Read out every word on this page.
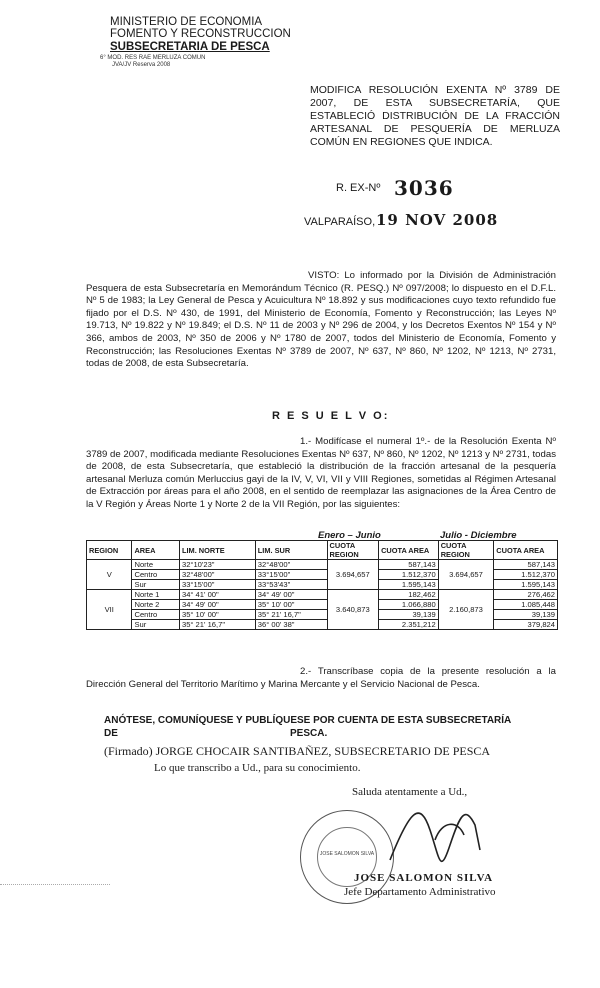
MINISTERIO DE ECONOMIA
FOMENTO Y RECONSTRUCCION
SUBSECRETARIA DE PESCA
6° MOD. RES RAE MERLUZA COMUN
JVA/JV Reserva 2008
MODIFICA RESOLUCIÓN EXENTA Nº 3789 DE 2007, DE ESTA SUBSECRETARÍA, QUE ESTABLECIÓ DISTRIBUCIÓN DE LA FRACCIÓN ARTESANAL DE PESQUERÍA DE MERLUZA COMÚN EN REGIONES QUE INDICA.
R. EX-Nº 3036
VALPARAÍSO, 19 NOV 2008
VISTO: Lo informado por la División de Administración Pesquera de esta Subsecretaría en Memorándum Técnico (R. PESQ.) Nº 097/2008; lo dispuesto en el D.F.L. Nº 5 de 1983; la Ley General de Pesca y Acuicultura Nº 18.892 y sus modificaciones cuyo texto refundido fue fijado por el D.S. Nº 430, de 1991, del Ministerio de Economía, Fomento y Reconstrucción; las Leyes Nº 19.713, Nº 19.822 y Nº 19.849; el D.S. Nº 11 de 2003 y Nº 296 de 2004, y los Decretos Exentos Nº 154 y Nº 366, ambos de 2003, Nº 350 de 2006 y Nº 1780 de 2007, todos del Ministerio de Economía, Fomento y Reconstrucción; las Resoluciones Exentas Nº 3789 de 2007, Nº 637, Nº 860, Nº 1202, Nº 1213, Nº 2731, todas de 2008, de esta Subsecretaría.
R E S U E L V O:
1.- Modifícase el numeral 1º.- de la Resolución Exenta Nº 3789 de 2007, modificada mediante Resoluciones Exentas Nº 637, Nº 860, Nº 1202, Nº 1213 y Nº 2731, todas de 2008, de esta Subsecretaría, que estableció la distribución de la fracción artesanal de la pesquería artesanal Merluza común Merluccius gayi de la IV, V, VI, VII y VIII Regiones, sometidas al Régimen Artesanal de Extracción por áreas para el año 2008, en el sentido de reemplazar las asignaciones de la Área Centro de la V Región y Áreas Norte 1 y Norte 2 de la VII Región, por las siguientes:
Enero – Junio	Julio - Diciembre
REGION	AREA	LIM. NORTE	LIM. SUR	CUOTA REGION	CUOTA AREA	CUOTA REGION	CUOTA AREA
V	Norte	32°10'23"	32°48'00"	3.694,657	587,143	3.694,657	587,143
	Centro	32°48'00"	33°15'00"		1.512,370		1.512,370
	Sur	33°15'00"	33°53'43"		1.595,143		1.595,143
VII	Norte 1	34° 41' 00"	34° 49' 00"	3.640,873	182,462	2.160,873	276,462
	Norte 2	34° 49' 00"	35° 10' 00"		1.066,880		1.085,448
	Centro	35° 10' 00"	35° 21' 16,7"		39,139		39,139
	Sur	35° 21' 16,7"	36° 00' 38"		2.351,212		379,824
2.- Transcríbase copia de la presente resolución a la Dirección General del Territorio Marítimo y Marina Mercante y el Servicio Nacional de Pesca.
ANÓTESE, COMUNÍQUESE Y PUBLÍQUESE POR CUENTA DE ESTA SUBSECRETARÍA DE	PESCA.
(Firmado) JORGE CHOCAIR SANTIBAÑEZ, SUBSECRETARIO DE PESCA
Lo que transcribo a Ud., para su conocimiento.
Saluda atentamente a Ud.,
JOSE SALOMON SILVA
JOSE SALOMON SILVA
Jefe Departamento Administrativo
